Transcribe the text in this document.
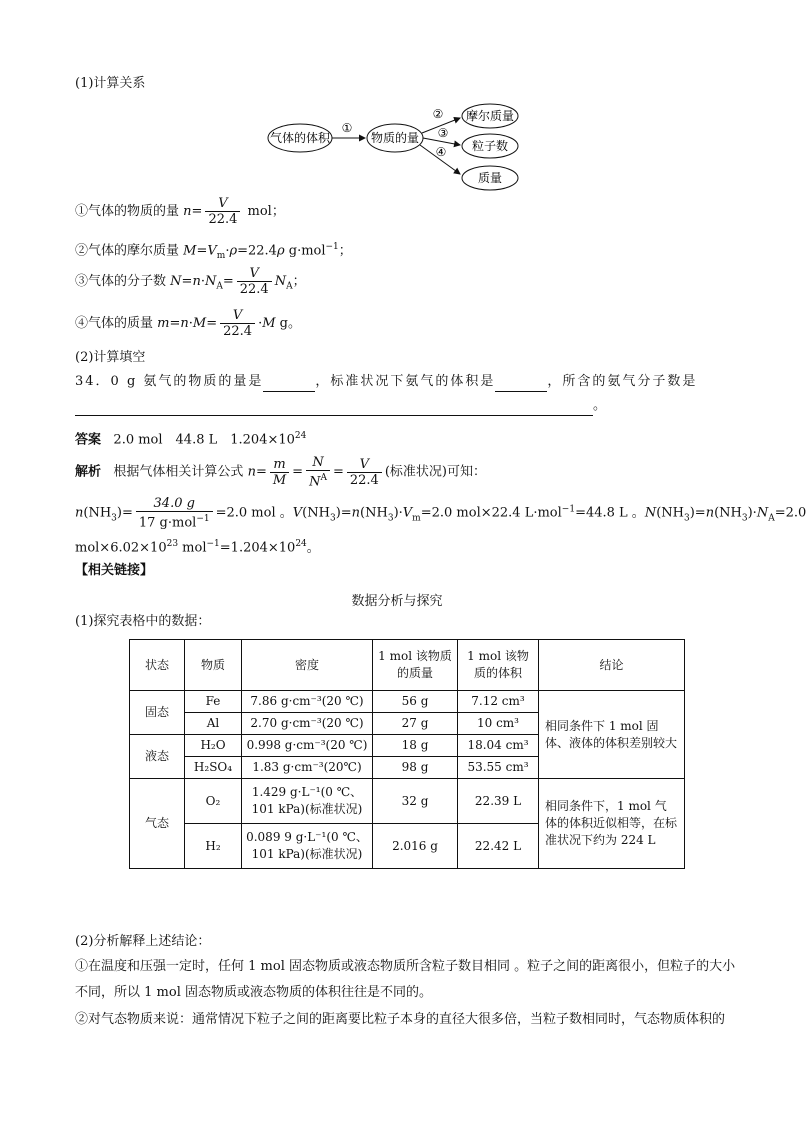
(1)计算关系
气体的体积
①
物质的量
②
③
④
摩尔质量
粒子数
质量
①气体的物质的量 $n= \frac{V}{22.4}$ mol；
②气体的摩尔质量 $M=V_m\cdot\rho=22.4\rho$ g·mol$^{-1}$；
③气体的分子数 $N=n\cdot N_A= \frac{V}{22.4} N_A$；
④气体的质量 $m=n\cdot M= \frac{V}{22.4} \cdot M$ g。
(2)计算填空
34．0 g 氨气的物质的量是	，标准状况下氨气的体积是	，所含的氨气分子数是
。
答案 2.0 mol　44.8 L　$1.204\times 10^{24}$
解析 根据气体相关计算公式 $n= \frac{m}{M} = \frac{N}{N^A} = \frac{V}{22.4}$ (标准状况)可知：
$n(NH_3)= \frac{34.0 g}{17 g\cdot mol^{-1}} =2.0$ mol 。$V(NH_3)=n(NH_3)\cdot V_m=2.0$ mol×22.4 L·mol$^{-1}$=44.8 L 。$N(NH_3)=n(NH_3)\cdot N_A=2.0$
$mol\times 6.02\times 10^{23}$ $mol^{-1}=1.204\times 10^{24}$。
【相关链接】
数据分析与探究
(1)探究表格中的数据：
状态	物质	密度	1 mol 该物质的质量	1 mol 该物质的体积	结论
固态	Fe	7.86 g·cm⁻³(20 ℃)	56 g	7.12 cm³	相同条件下 1 mol 固体、液体的体积差别较大
	Al	2.70 g·cm⁻³(20 ℃)	27 g	10 cm³	
液态	H₂O	0.998 g·cm⁻³(20 ℃)	18 g	18.04 cm³	
	H₂SO₄	1.83 g·cm⁻³(20℃)	98 g	53.55 cm³	
气态	O₂	1.429 g·L⁻¹(0 ℃、101 kPa)(标准状况)	32 g	22.39 L	相同条件下，1 mol 气体的体积近似相等，在标准状况下约为 224 L
	H₂	0.089 9 g·L⁻¹(0 ℃、101 kPa)(标准状况)	2.016 g	22.42 L	
(2)分析解释上述结论：
①在温度和压强一定时，任何 1 mol 固态物质或液态物质所含粒子数目相同 。粒子之间的距离很小，但粒子的大小
不同，所以 1 mol 固态物质或液态物质的体积往往是不同的。
②对气态物质来说：通常情况下粒子之间的距离要比粒子本身的直径大很多倍，当粒子数相同时，气态物质体积的
